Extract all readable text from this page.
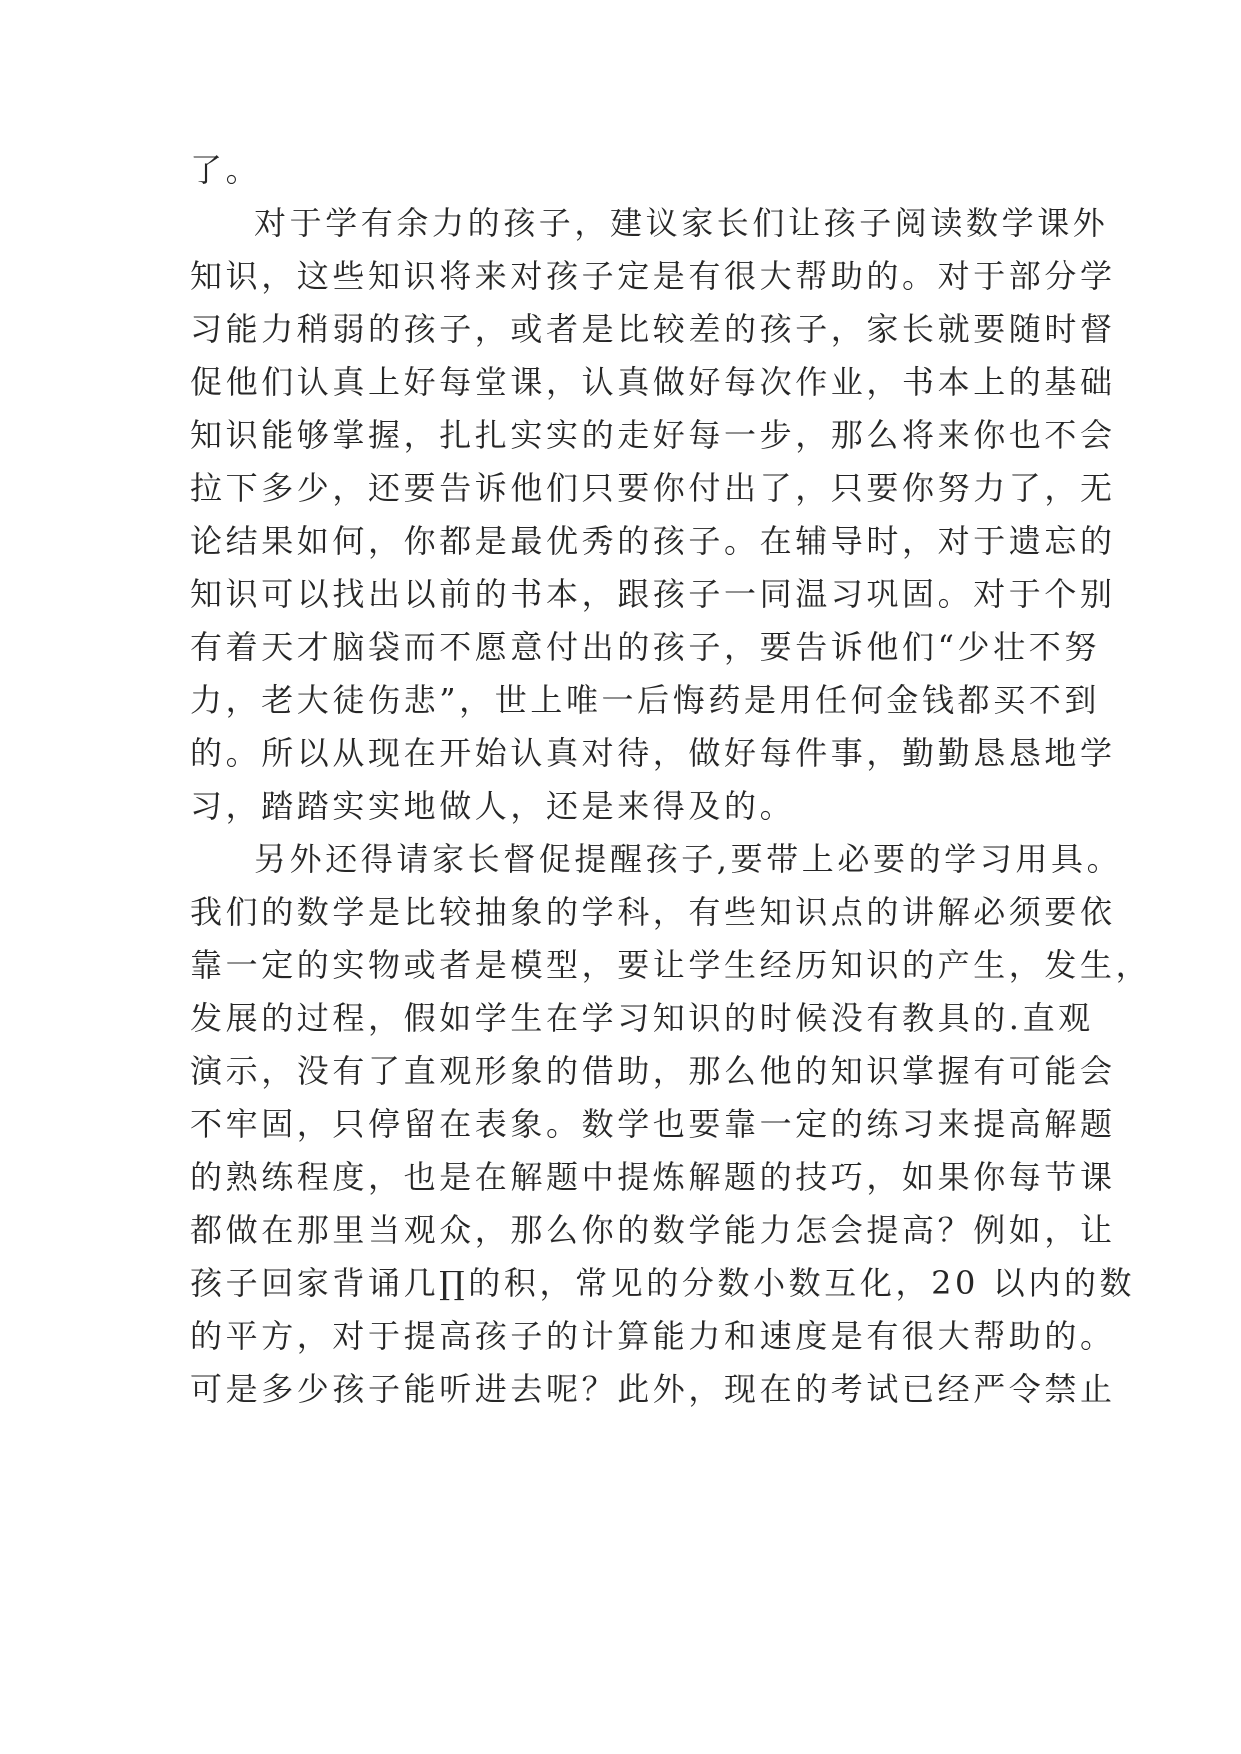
了。
对于学有余力的孩子，建议家长们让孩子阅读数学课外
知识，这些知识将来对孩子定是有很大帮助的。对于部分学
习能力稍弱的孩子，或者是比较差的孩子，家长就要随时督
促他们认真上好每堂课，认真做好每次作业，书本上的基础
知识能够掌握，扎扎实实的走好每一步，那么将来你也不会
拉下多少，还要告诉他们只要你付出了，只要你努力了，无
论结果如何，你都是最优秀的孩子。在辅导时，对于遗忘的
知识可以找出以前的书本，跟孩子一同温习巩固。对于个别
有着天才脑袋而不愿意付出的孩子，要告诉他们“少壮不努
力，老大徒伤悲”，世上唯一后悔药是用任何金钱都买不到
的。所以从现在开始认真对待，做好每件事，勤勤恳恳地学
习，踏踏实实地做人，还是来得及的。
另外还得请家长督促提醒孩子,要带上必要的学习用具。
我们的数学是比较抽象的学科，有些知识点的讲解必须要依
靠一定的实物或者是模型，要让学生经历知识的产生，发生，
发展的过程，假如学生在学习知识的时候没有教具的.直观
演示，没有了直观形象的借助，那么他的知识掌握有可能会
不牢固，只停留在表象。数学也要靠一定的练习来提高解题
的熟练程度，也是在解题中提炼解题的技巧，如果你每节课
都做在那里当观众，那么你的数学能力怎会提高？例如，让
孩子回家背诵几∏的积，常见的分数小数互化，20 以内的数
的平方，对于提高孩子的计算能力和速度是有很大帮助的。
可是多少孩子能听进去呢？此外，现在的考试已经严令禁止
